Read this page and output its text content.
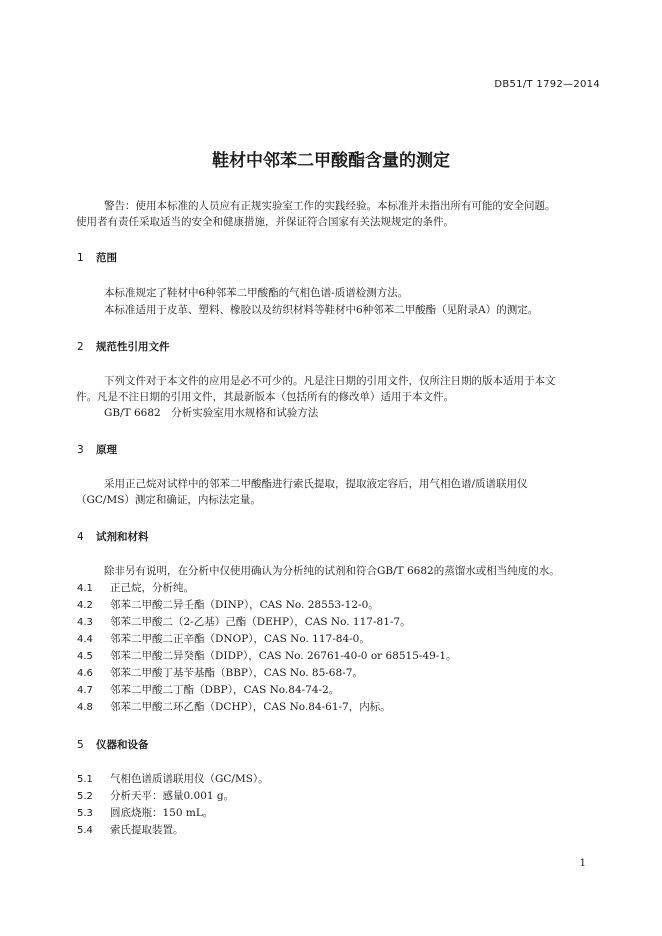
DB51/T 1792—2014
鞋材中邻苯二甲酸酯含量的测定
警告：使用本标准的人员应有正规实验室工作的实践经验。本标准并未指出所有可能的安全问题。
使用者有责任采取适当的安全和健康措施，并保证符合国家有关法规规定的条件。
1 范围
本标准规定了鞋材中6种邻苯二甲酸酯的气相色谱-质谱检测方法。
本标准适用于皮革、塑料、橡胶以及纺织材料等鞋材中6种邻苯二甲酸酯（见附录A）的测定。
2 规范性引用文件
下列文件对于本文件的应用是必不可少的。凡是注日期的引用文件，仅所注日期的版本适用于本文
件。凡是不注日期的引用文件，其最新版本（包括所有的修改单）适用于本文件。
GB/T 6682　分析实验室用水规格和试验方法
3 原理
采用正己烷对试样中的邻苯二甲酸酯进行索氏提取，提取液定容后，用气相色谱/质谱联用仪
（GC/MS）测定和确证，内标法定量。
4 试剂和材料
除非另有说明，在分析中仅使用确认为分析纯的试剂和符合GB/T 6682的蒸馏水或相当纯度的水。
4.1 正己烷，分析纯。
4.2 邻苯二甲酸二异壬酯（DINP），CAS No. 28553-12-0。
4.3 邻苯二甲酸二（2-乙基）己酯（DEHP），CAS No. 117-81-7。
4.4 邻苯二甲酸二正辛酯（DNOP），CAS No. 117-84-0。
4.5 邻苯二甲酸二异癸酯（DIDP），CAS No. 26761-40-0 or 68515-49-1。
4.6 邻苯二甲酸丁基苄基酯（BBP），CAS No. 85-68-7。
4.7 邻苯二甲酸二丁酯（DBP），CAS No.84-74-2。
4.8 邻苯二甲酸二环乙酯（DCHP），CAS No.84-61-7，内标。
5 仪器和设备
5.1 气相色谱质谱联用仪（GC/MS）。
5.2 分析天平：感量0.001 g。
5.3 圆底烧瓶：150 mL。
5.4 索氏提取装置。
1
